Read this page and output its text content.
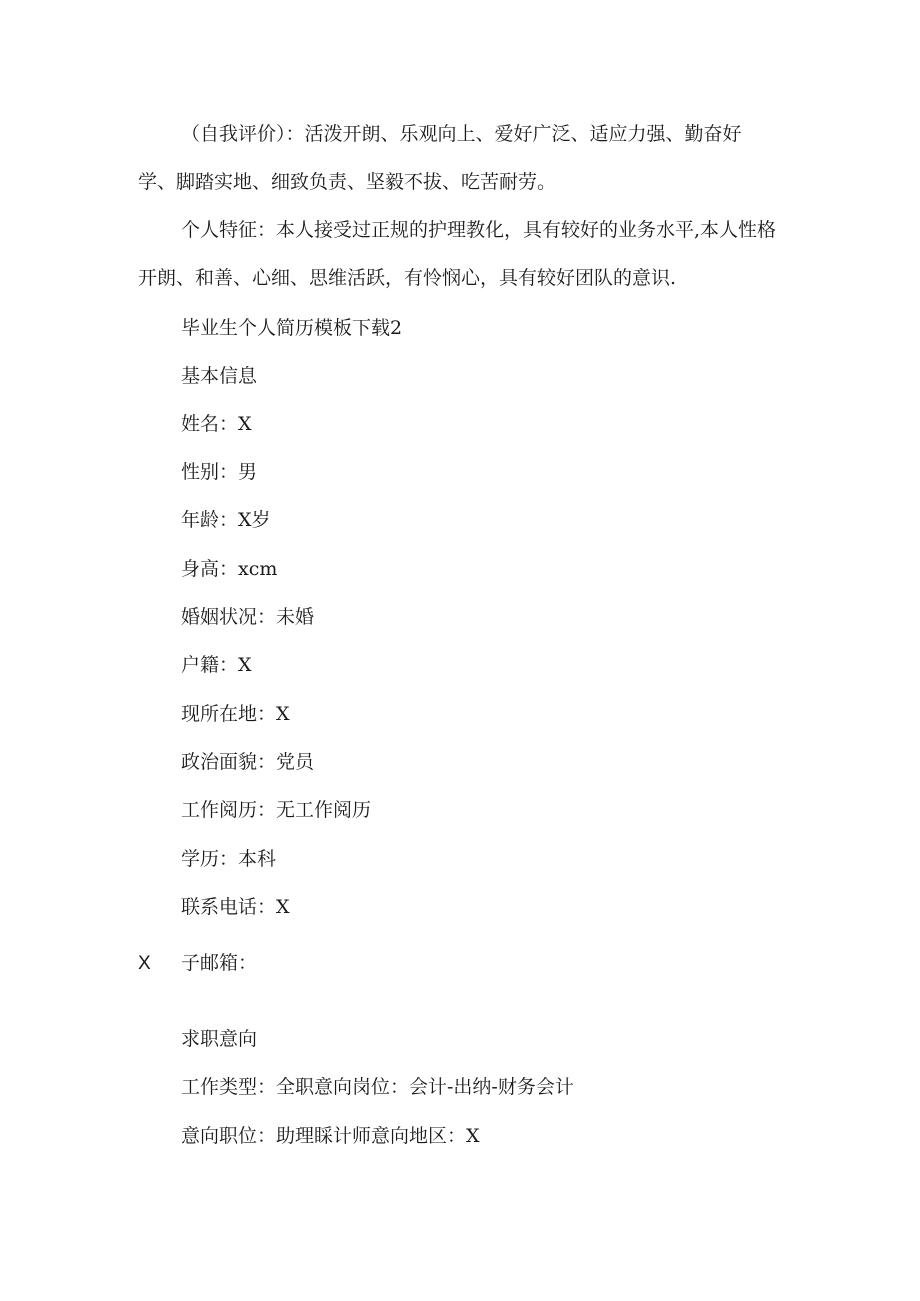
（自我评价）：活泼开朗、乐观向上、爱好广泛、适应力强、勤奋好学、脚踏实地、细致负责、坚毅不拔、吃苦耐劳。

个人特征：本人接受过正规的护理教化，具有较好的业务水平,本人性格开朗、和善、心细、思维活跃，有怜悯心，具有较好团队的意识.

毕业生个人简历模板下载2
基本信息
姓名：X
性别：男
年龄：X岁
身高：xcm
婚姻状况：未婚
户籍：X
现所在地：X
政治面貌：党员
工作阅历：无工作阅历
学历：本科
联系电话：X
X 子邮箱：
求职意向
工作类型：全职意向岗位：会计-出纳-财务会计
意向职位：助理睬计师意向地区：X
